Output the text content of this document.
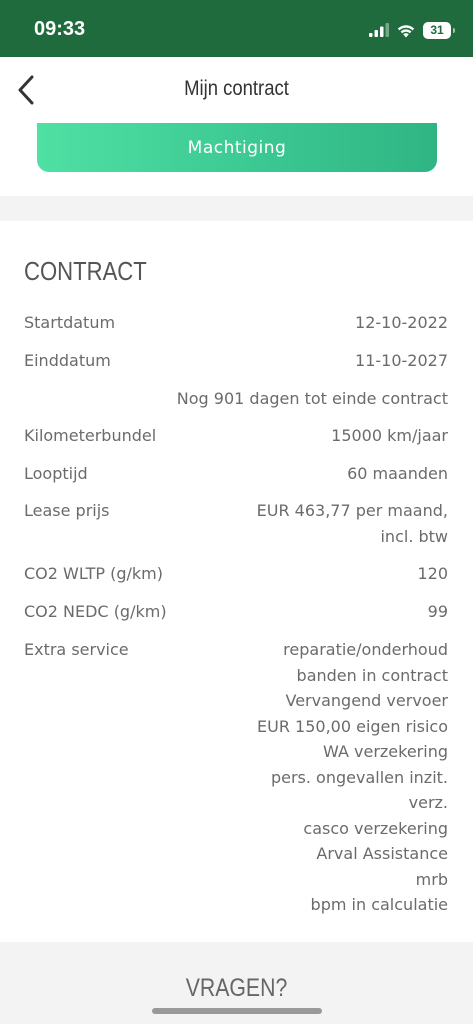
09:33	31
Mijn contract
Machtiging
CONTRACT
Startdatum	12-10-2022
Einddatum	11-10-2027
Nog 901 dagen tot einde contract
Kilometerbundel	15000 km/jaar
Looptijd	60 maanden
Lease prijs	EUR 463,77 per maand,
incl. btw
CO2 WLTP (g/km)	120
CO2 NEDC (g/km)	99
Extra service	reparatie/onderhoud
banden in contract
Vervangend vervoer
EUR 150,00 eigen risico
WA verzekering
pers. ongevallen inzit.
verz.
casco verzekering
Arval Assistance
mrb
bpm in calculatie
VRAGEN?
